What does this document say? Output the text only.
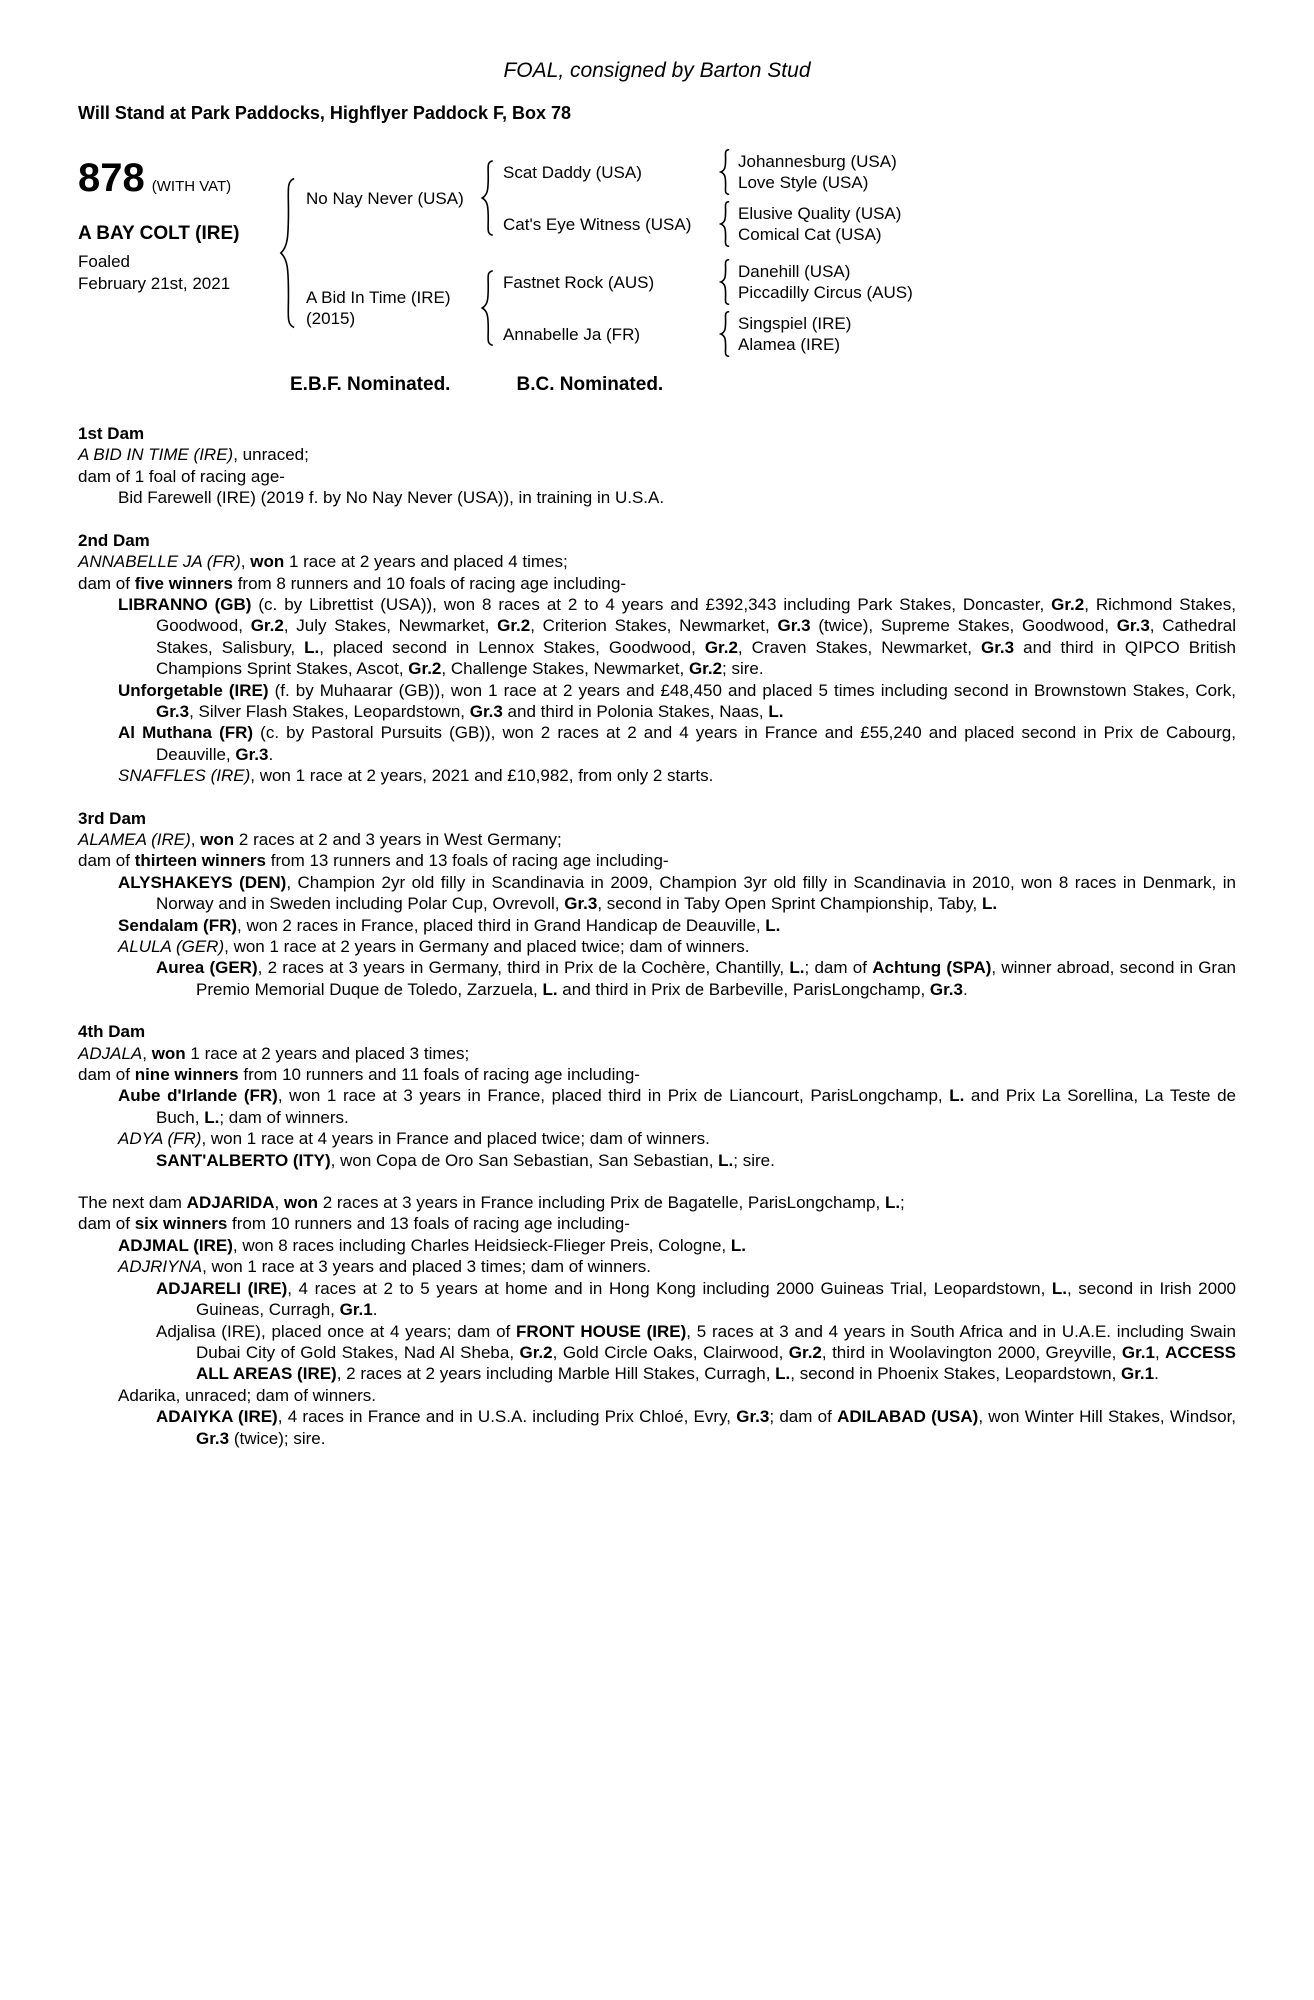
FOAL, consigned by Barton Stud
Will Stand at Park Paddocks, Highflyer Paddock F, Box 78
878 (WITH VAT)
A BAY COLT (IRE)
Foaled
February 21st, 2021
No Nay Never (USA)
Scat Daddy (USA)
Johannesburg (USA)
Love Style (USA)
Cat's Eye Witness (USA)
Elusive Quality (USA)
Comical Cat (USA)
A Bid In Time (IRE)
(2015)
Fastnet Rock (AUS)
Danehill (USA)
Piccadilly Circus (AUS)
Annabelle Ja (FR)
Singspiel (IRE)
Alamea (IRE)
E.B.F. Nominated.	B.C. Nominated.
1st Dam

A BID IN TIME (IRE), unraced;

dam of 1 foal of racing age-

Bid Farewell (IRE) (2019 f. by No Nay Never (USA)), in training in U.S.A.

2nd Dam

ANNABELLE JA (FR), won 1 race at 2 years and placed 4 times;

dam of five winners from 8 runners and 10 foals of racing age including-

LIBRANNO (GB) (c. by Librettist (USA)), won 8 races at 2 to 4 years and £392,343 including Park Stakes, Doncaster, Gr.2, Richmond Stakes, Goodwood, Gr.2, July Stakes, Newmarket, Gr.2, Criterion Stakes, Newmarket, Gr.3 (twice), Supreme Stakes, Goodwood, Gr.3, Cathedral Stakes, Salisbury, L., placed second in Lennox Stakes, Goodwood, Gr.2, Craven Stakes, Newmarket, Gr.3 and third in QIPCO British Champions Sprint Stakes, Ascot, Gr.2, Challenge Stakes, Newmarket, Gr.2; sire.

Unforgetable (IRE) (f. by Muhaarar (GB)), won 1 race at 2 years and £48,450 and placed 5 times including second in Brownstown Stakes, Cork, Gr.3, Silver Flash Stakes, Leopardstown, Gr.3 and third in Polonia Stakes, Naas, L.

Al Muthana (FR) (c. by Pastoral Pursuits (GB)), won 2 races at 2 and 4 years in France and £55,240 and placed second in Prix de Cabourg, Deauville, Gr.3.

SNAFFLES (IRE), won 1 race at 2 years, 2021 and £10,982, from only 2 starts.

3rd Dam

ALAMEA (IRE), won 2 races at 2 and 3 years in West Germany;

dam of thirteen winners from 13 runners and 13 foals of racing age including-

ALYSHAKEYS (DEN), Champion 2yr old filly in Scandinavia in 2009, Champion 3yr old filly in Scandinavia in 2010, won 8 races in Denmark, in Norway and in Sweden including Polar Cup, Ovrevoll, Gr.3, second in Taby Open Sprint Championship, Taby, L.

Sendalam (FR), won 2 races in France, placed third in Grand Handicap de Deauville, L.

ALULA (GER), won 1 race at 2 years in Germany and placed twice; dam of winners.

Aurea (GER), 2 races at 3 years in Germany, third in Prix de la Cochère, Chantilly, L.; dam of Achtung (SPA), winner abroad, second in Gran Premio Memorial Duque de Toledo, Zarzuela, L. and third in Prix de Barbeville, ParisLongchamp, Gr.3.

4th Dam

ADJALA, won 1 race at 2 years and placed 3 times;

dam of nine winners from 10 runners and 11 foals of racing age including-

Aube d'Irlande (FR), won 1 race at 3 years in France, placed third in Prix de Liancourt, ParisLongchamp, L. and Prix La Sorellina, La Teste de Buch, L.; dam of winners.

ADYA (FR), won 1 race at 4 years in France and placed twice; dam of winners.

SANT'ALBERTO (ITY), won Copa de Oro San Sebastian, San Sebastian, L.; sire.

The next dam ADJARIDA, won 2 races at 3 years in France including Prix de Bagatelle, ParisLongchamp, L.;

dam of six winners from 10 runners and 13 foals of racing age including-

ADJMAL (IRE), won 8 races including Charles Heidsieck-Flieger Preis, Cologne, L.

ADJRIYNA, won 1 race at 3 years and placed 3 times; dam of winners.

ADJARELI (IRE), 4 races at 2 to 5 years at home and in Hong Kong including 2000 Guineas Trial, Leopardstown, L., second in Irish 2000 Guineas, Curragh, Gr.1.

Adjalisa (IRE), placed once at 4 years; dam of FRONT HOUSE (IRE), 5 races at 3 and 4 years in South Africa and in U.A.E. including Swain Dubai City of Gold Stakes, Nad Al Sheba, Gr.2, Gold Circle Oaks, Clairwood, Gr.2, third in Woolavington 2000, Greyville, Gr.1, ACCESS ALL AREAS (IRE), 2 races at 2 years including Marble Hill Stakes, Curragh, L., second in Phoenix Stakes, Leopardstown, Gr.1.

Adarika, unraced; dam of winners.

ADAIYKA (IRE), 4 races in France and in U.S.A. including Prix Chloé, Evry, Gr.3; dam of ADILABAD (USA), won Winter Hill Stakes, Windsor, Gr.3 (twice); sire.
